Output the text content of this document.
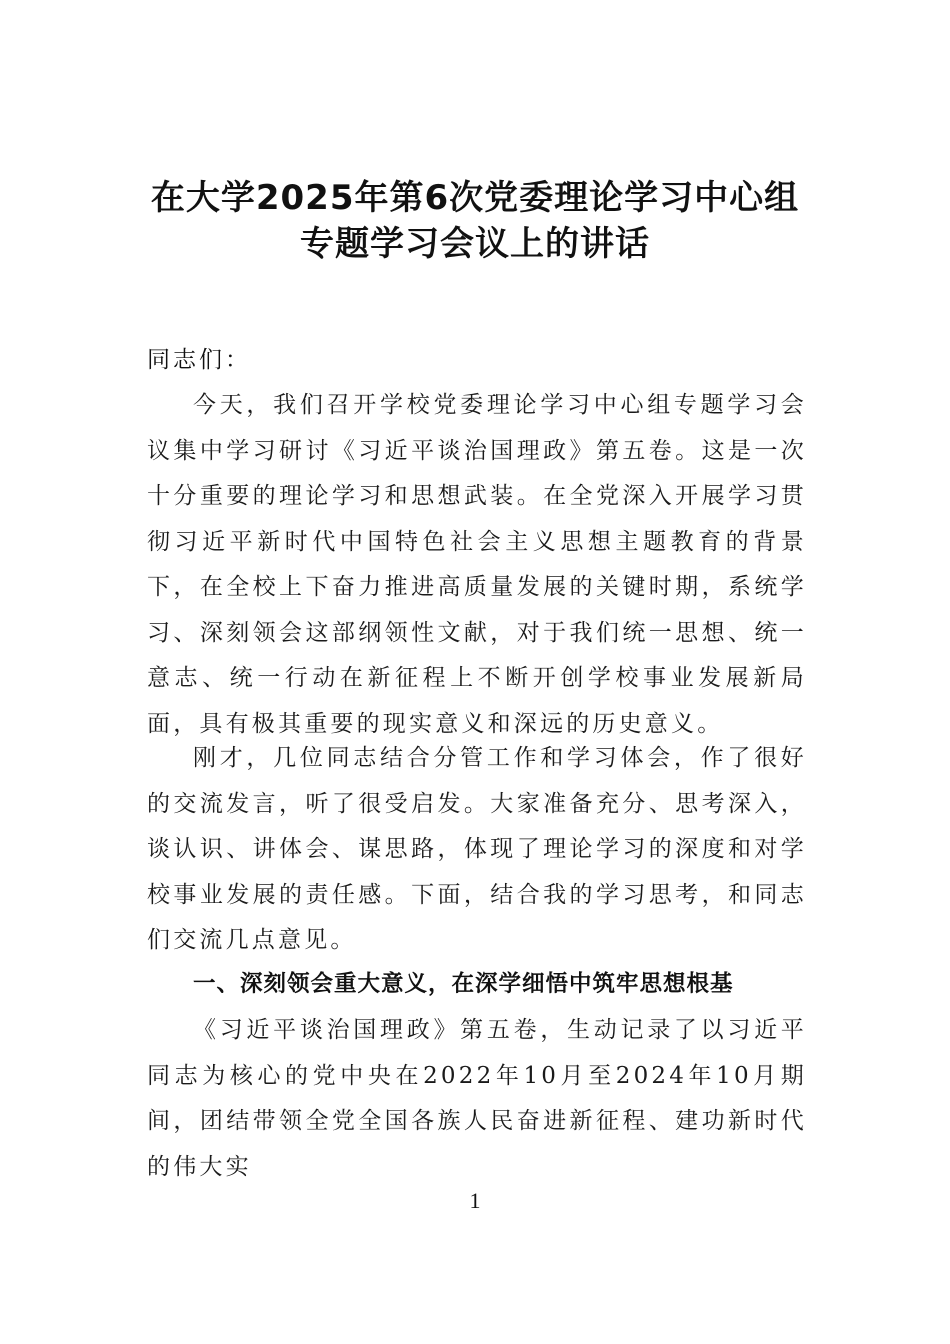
在大学2025年第6次党委理论学习中心组
专题学习会议上的讲话
同志们：

今天，我们召开学校党委理论学习中心组专题学习会议集中学习研讨《习近平谈治国理政》第五卷。这是一次十分重要的理论学习和思想武装。在全党深入开展学习贯彻习近平新时代中国特色社会主义思想主题教育的背景下，在全校上下奋力推进高质量发展的关键时期，系统学习、深刻领会这部纲领性文献，对于我们统一思想、统一意志、统一行动在新征程上不断开创学校事业发展新局面，具有极其重要的现实意义和深远的历史意义。

刚才，几位同志结合分管工作和学习体会，作了很好的交流发言，听了很受启发。大家准备充分、思考深入，谈认识、讲体会、谋思路，体现了理论学习的深度和对学校事业发展的责任感。下面，结合我的学习思考，和同志们交流几点意见。

一、深刻领会重大意义，在深学细悟中筑牢思想根基

《习近平谈治国理政》第五卷，生动记录了以习近平同志为核心的党中央在2022年10月至2024年10月期间，团结带领全党全国各族人民奋进新征程、建功新时代的伟大实

1
